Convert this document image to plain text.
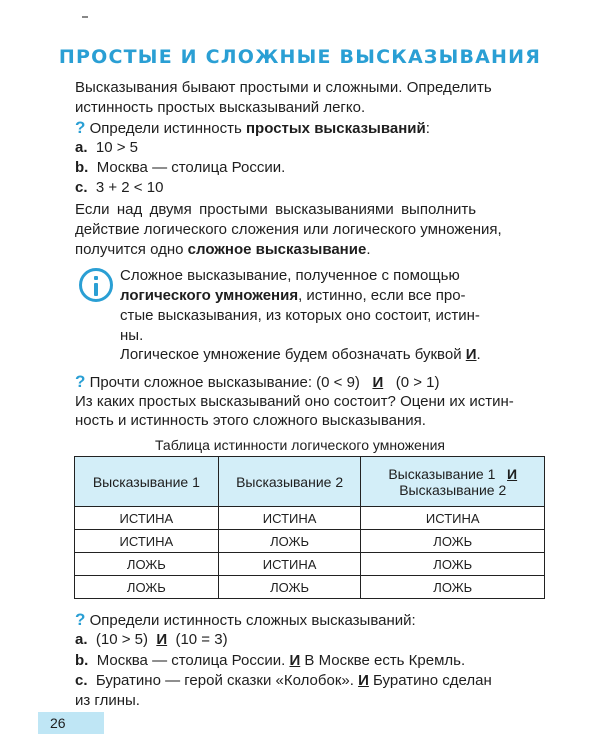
ПРОСТЫЕ И СЛОЖНЫЕ ВЫСКАЗЫВАНИЯ
Высказывания бывают простыми и сложными. Определить
истинность простых высказываний легко.
? Определи истинность простых высказываний:
a. 10 > 5
b. Москва — столица России.
c. 3 + 2 < 10
Если над двумя простыми высказываниями выполнить
действие логического сложения или логического умножения,
получится одно сложное высказывание.
Сложное высказывание, полученное с помощью
логического умножения, истинно, если все про-
стые высказывания, из которых оно состоит, истин-
ны.
Логическое умножение будем обозначать буквой И.
? Прочти сложное высказывание: (0 < 9) И (0 > 1)
Из каких простых высказываний оно состоит? Оцени их истин-
ность и истинность этого сложного высказывания.
Таблица истинности логического умножения
Высказывание 1	Высказывание 2	Высказывание 1 И
Высказывание 2
ИСТИНА	ИСТИНА	ИСТИНА
ИСТИНА	ЛОЖЬ	ЛОЖЬ
ЛОЖЬ	ИСТИНА	ЛОЖЬ
ЛОЖЬ	ЛОЖЬ	ЛОЖЬ
? Определи истинность сложных высказываний:
a. (10 > 5) И (10 = 3)
b. Москва — столица России. И В Москве есть Кремль.
c. Буратино — герой сказки «Колобок». И Буратино сделан
из глины.
26
